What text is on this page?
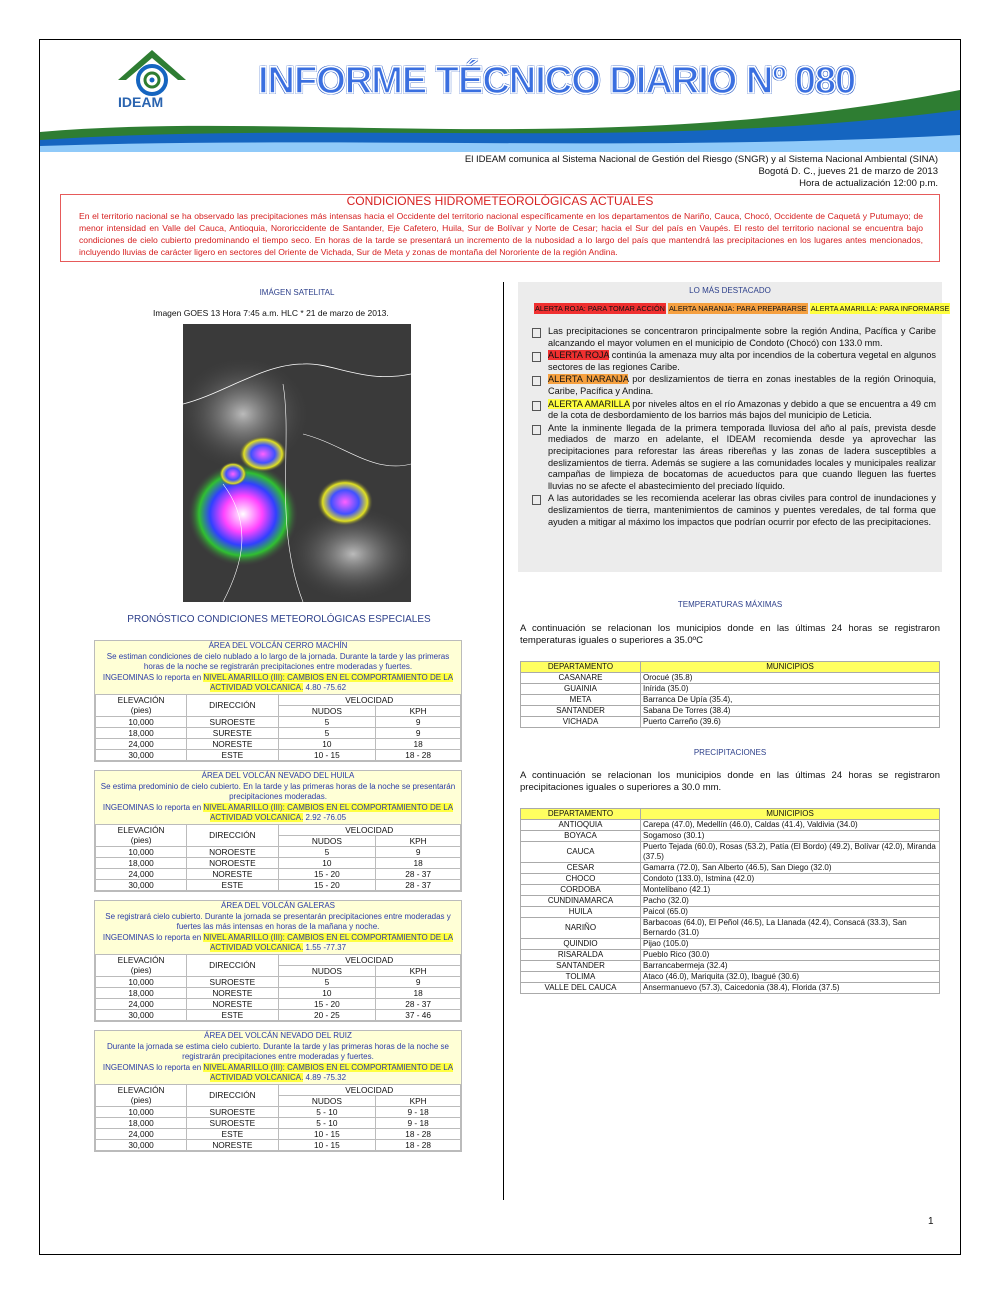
IDEAM INFORME TÉCNICO DIARIO Nº 080
El IDEAM comunica al Sistema Nacional de Gestión del Riesgo (SNGR) y al Sistema Nacional Ambiental (SINA)
Bogotá D. C., jueves 21 de marzo de 2013
Hora de actualización 12:00 p.m.
CONDICIONES HIDROMETEOROLÓGICAS ACTUALES
En el territorio nacional se ha observado las precipitaciones más intensas hacia el Occidente del territorio nacional específicamente en los departamentos de Nariño, Cauca, Chocó, Occidente de Caquetá y Putumayo; de menor intensidad en Valle del Cauca, Antioquia, Nororiccidente de Santander, Eje Cafetero, Huila, Sur de Bolívar y Norte de Cesar; hacia el Sur del país en Vaupés. El resto del territorio nacional se encuentra bajo condiciones de cielo cubierto predominando el tiempo seco. En horas de la tarde se presentará un incremento de la nubosidad a lo largo del país que mantendrá las precipitaciones en los lugares antes mencionados, incluyendo lluvias de carácter ligero en sectores del Oriente de Vichada, Sur de Meta y zonas de montaña del Nororiente de la región Andina.
IMÁGEN SATELITAL
Imagen GOES 13 Hora 7:45 a.m. HLC * 21 de marzo de 2013.
PRONÓSTICO CONDICIONES METEOROLÓGICAS ESPECIALES
ÁREA DEL VOLCÁN CERRO MACHÍN
Se estiman condiciones de cielo nublado a lo largo de la jornada. Durante la tarde y las primeras horas de la noche se registrarán precipitaciones entre moderadas y fuertes.
INGEOMINAS lo reporta en NIVEL AMARILLO (III): CAMBIOS EN EL COMPORTAMIENTO DE LA ACTIVIDAD VOLCANICA. 4.80 -75.62
ELEVACIÓN
(pies)	DIRECCIÓN	VELOCIDAD	
		NUDOS	KPH
10,000	SUROESTE	5	9
18,000	SURESTE	5	9
24,000	NORESTE	10	18
30,000	ESTE	10 - 15	18 - 28
ÁREA DEL VOLCÁN NEVADO DEL HUILA
Se estima predominio de cielo cubierto. En la tarde y las primeras horas de la noche se presentarán precipitaciones moderadas.
INGEOMINAS lo reporta en NIVEL AMARILLO (III): CAMBIOS EN EL COMPORTAMIENTO DE LA ACTIVIDAD VOLCANICA. 2.92 -76.05
ELEVACIÓN
(pies)	DIRECCIÓN	VELOCIDAD	
		NUDOS	KPH
10,000	NOROESTE	5	9
18,000	NOROESTE	10	18
24,000	NORESTE	15 - 20	28 - 37
30,000	ESTE	15 - 20	28 - 37
ÁREA DEL VOLCÁN GALERAS
Se registrará cielo cubierto. Durante la jornada se presentarán precipitaciones entre moderadas y fuertes las más intensas en horas de la mañana y noche.
INGEOMINAS lo reporta en NIVEL AMARILLO (III): CAMBIOS EN EL COMPORTAMIENTO DE LA ACTIVIDAD VOLCANICA. 1.55 -77.37
ELEVACIÓN
(pies)	DIRECCIÓN	VELOCIDAD	
		NUDOS	KPH
10,000	SUROESTE	5	9
18,000	NORESTE	10	18
24,000	NORESTE	15 - 20	28 - 37
30,000	ESTE	20 - 25	37 - 46
ÁREA DEL VOLCÁN NEVADO DEL RUIZ
Durante la jornada se estima cielo cubierto. Durante la tarde y las primeras horas de la noche se registrarán precipitaciones entre moderadas y fuertes.
INGEOMINAS lo reporta en NIVEL AMARILLO (III): CAMBIOS EN EL COMPORTAMIENTO DE LA ACTIVIDAD VOLCANICA. 4.89 -75.32
ELEVACIÓN
(pies)	DIRECCIÓN	VELOCIDAD	
		NUDOS	KPH
10,000	SUROESTE	5 - 10	9 - 18
18,000	SUROESTE	5 - 10	9 - 18
24,000	ESTE	10 - 15	18 - 28
30,000	NORESTE	10 - 15	18 - 28
LO MÁS DESTACADO
ALERTA ROJA: PARA TOMAR ACCIÓN ALERTA NARANJA: PARA PREPARARSE ALERTA AMARILLA: PARA INFORMARSE
Las precipitaciones se concentraron principalmente sobre la región Andina, Pacífica y Caribe alcanzando el mayor volumen en el municipio de Condoto (Chocó) con 133.0 mm.
ALERTA ROJA continúa la amenaza muy alta por incendios de la cobertura vegetal en algunos sectores de las regiones Caribe.
ALERTA NARANJA por deslizamientos de tierra en zonas inestables de la región Orinoquia, Caribe, Pacífica y Andina.
ALERTA AMARILLA por niveles altos en el río Amazonas y debido a que se encuentra a 49 cm de la cota de desbordamiento de los barrios más bajos del municipio de Leticia.
Ante la inminente llegada de la primera temporada lluviosa del año al país, prevista desde mediados de marzo en adelante, el IDEAM recomienda desde ya aprovechar las precipitaciones para reforestar las áreas ribereñas y las zonas de ladera susceptibles a deslizamientos de tierra. Además se sugiere a las comunidades locales y municipales realizar campañas de limpieza de bocatomas de acueductos para que cuando lleguen las fuertes lluvias no se afecte el abastecimiento del preciado líquido.
A las autoridades se les recomienda acelerar las obras civiles para control de inundaciones y deslizamientos de tierra, mantenimientos de caminos y puentes veredales, de tal forma que ayuden a mitigar al máximo los impactos que podrían ocurrir por efecto de las precipitaciones.
TEMPERATURAS MÁXIMAS
A continuación se relacionan los municipios donde en las últimas 24 horas se registraron temperaturas iguales o superiores a 35.0ºC
DEPARTAMENTO	MUNICIPIOS
CASANARE	Orocué (35.8)
GUAINIA	Inírida (35.0)
META	Barranca De Upía (35.4),
SANTANDER	Sabana De Torres (38.4)
VICHADA	Puerto Carreño (39.6)
PRECIPITACIONES
A continuación se relacionan los municipios donde en las últimas 24 horas se registraron precipitaciones iguales o superiores a 30.0 mm.
DEPARTAMENTO	MUNICIPIOS
ANTIOQUIA	Carepa (47.0), Medellín (46.0), Caldas (41.4), Valdivia (34.0)
BOYACA	Sogamoso (30.1)
CAUCA	Puerto Tejada (60.0), Rosas (53.2), Patía (El Bordo) (49.2), Bolívar (42.0), Miranda (37.5)
CESAR	Gamarra (72.0), San Alberto (46.5), San Diego (32.0)
CHOCO	Condoto (133.0), Istmina (42.0)
CORDOBA	Montelíbano (42.1)
CUNDINAMARCA	Pacho (32.0)
HUILA	Paicol (65.0)
NARIÑO	Barbacoas (64.0), El Peñol (46.5), La Llanada (42.4), Consacá (33.3), San Bernardo (31.0)
QUINDIO	Pijao (105.0)
RISARALDA	Pueblo Rico (30.0)
SANTANDER	Barrancabermeja (32.4)
TOLIMA	Ataco (46.0), Mariquita (32.0), Ibagué (30.6)
VALLE DEL CAUCA	Ansermanuevo (57.3), Caicedonia (38.4), Florida (37.5)
1
